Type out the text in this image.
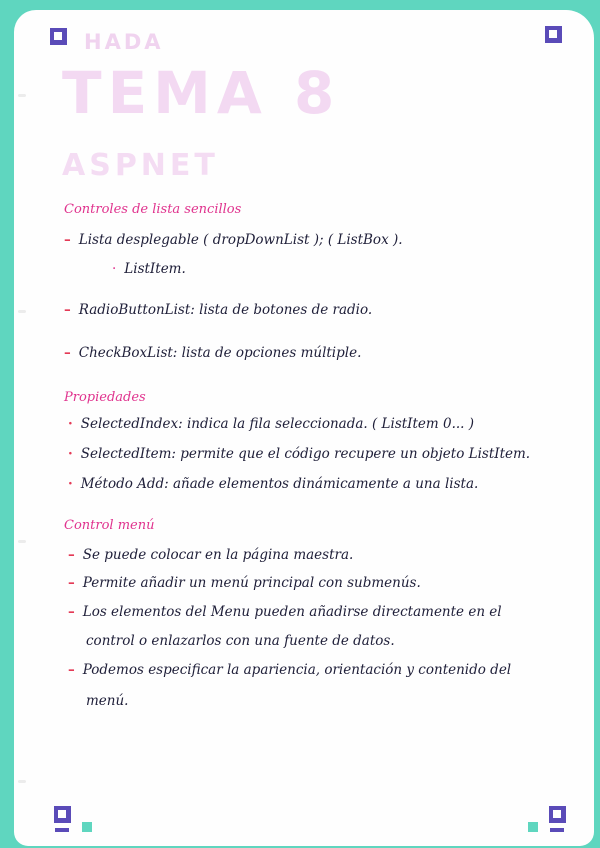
HADA
TEMA 8
ASPNET
Controles de lista sencillos
– Lista desplegable ( dropDownList ); ( ListBox ).
· ListItem.
– RadioButtonList: lista de botones de radio.
– CheckBoxList: lista de opciones múltiple.
Propiedades
· SelectedIndex: indica la fila seleccionada. ( ListItem 0... )
· SelectedItem: permite que el código recupere un objeto ListItem.
· Método Add: añade elementos dinámicamente a una lista.
Control menú
– Se puede colocar en la página maestra.
– Permite añadir un menú principal con submenús.
– Los elementos del Menu pueden añadirse directamente en el
control o enlazarlos con una fuente de datos.
– Podemos especificar la apariencia, orientación y contenido del
menú.
